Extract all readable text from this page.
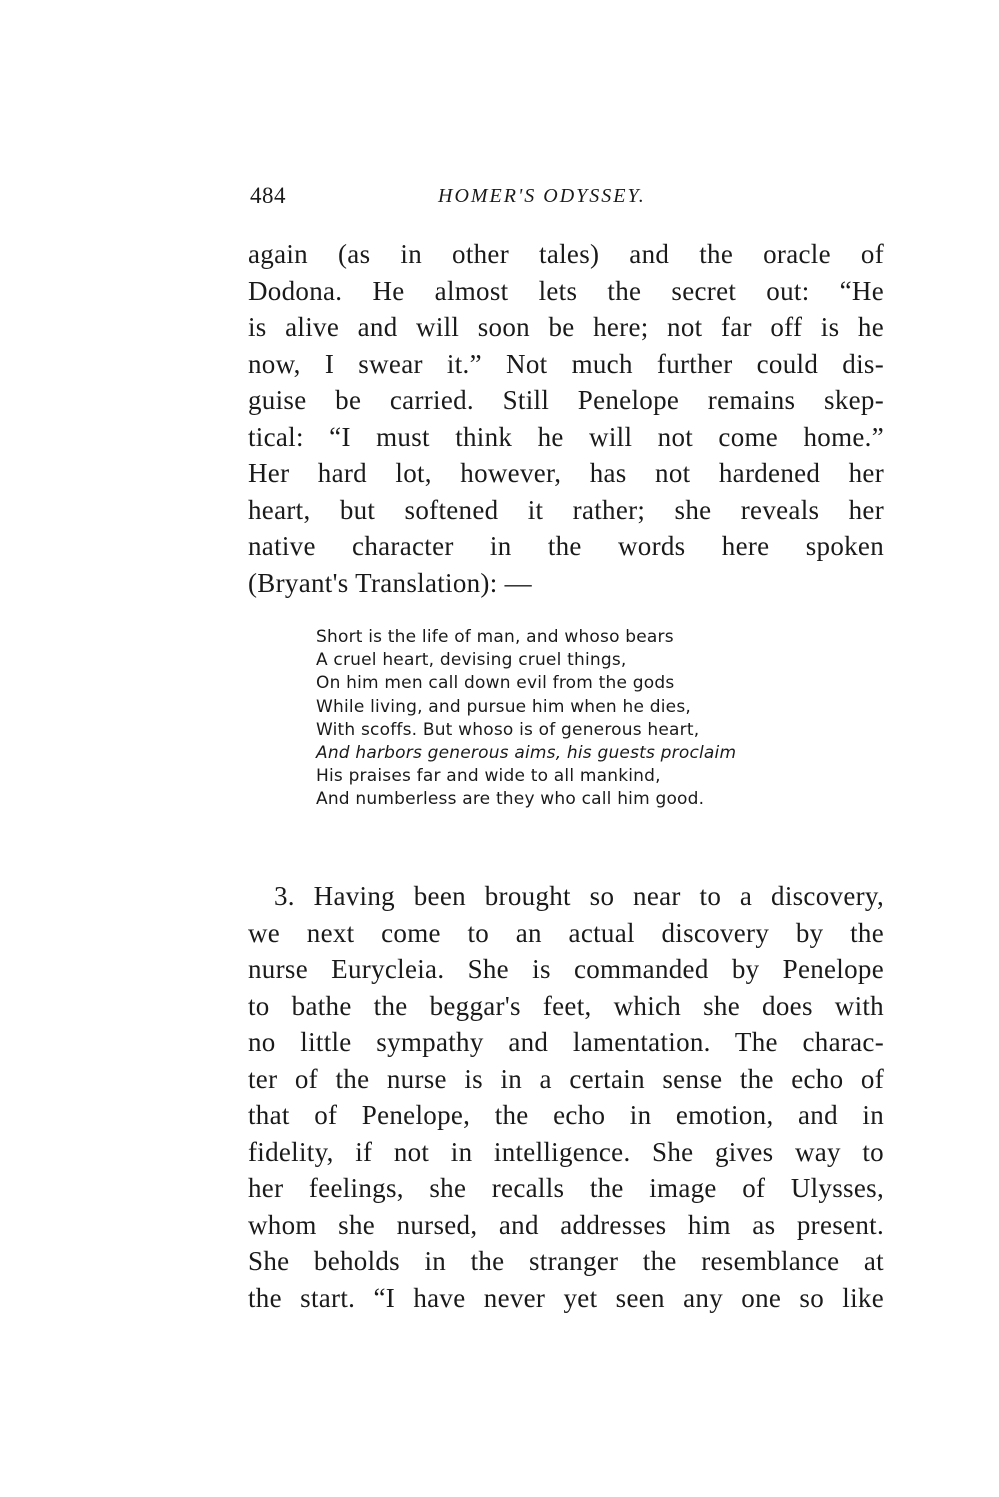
484	HOMER'S ODYSSEY.
again (as in other tales) and the oracle of
Dodona. He almost lets the secret out: “He
is alive and will soon be here; not far off is he
now, I swear it.” Not much further could dis-
guise be carried. Still Penelope remains skep-
tical: “I must think he will not come home.”
Her hard lot, however, has not hardened her
heart, but softened it rather; she reveals her
native character in the words here spoken
(Bryant's Translation): —
Short is the life of man, and whoso bears
A cruel heart, devising cruel things,
On him men call down evil from the gods
While living, and pursue him when he dies,
With scoffs. But whoso is of generous heart,
And harbors generous aims, his guests proclaim
His praises far and wide to all mankind,
And numberless are they who call him good.
3. Having been brought so near to a discovery,
we next come to an actual discovery by the
nurse Eurycleia. She is commanded by Penelope
to bathe the beggar's feet, which she does with
no little sympathy and lamentation. The charac-
ter of the nurse is in a certain sense the echo of
that of Penelope, the echo in emotion, and in
fidelity, if not in intelligence. She gives way to
her feelings, she recalls the image of Ulysses,
whom she nursed, and addresses him as present.
She beholds in the stranger the resemblance at
the start. “I have never yet seen any one so like
